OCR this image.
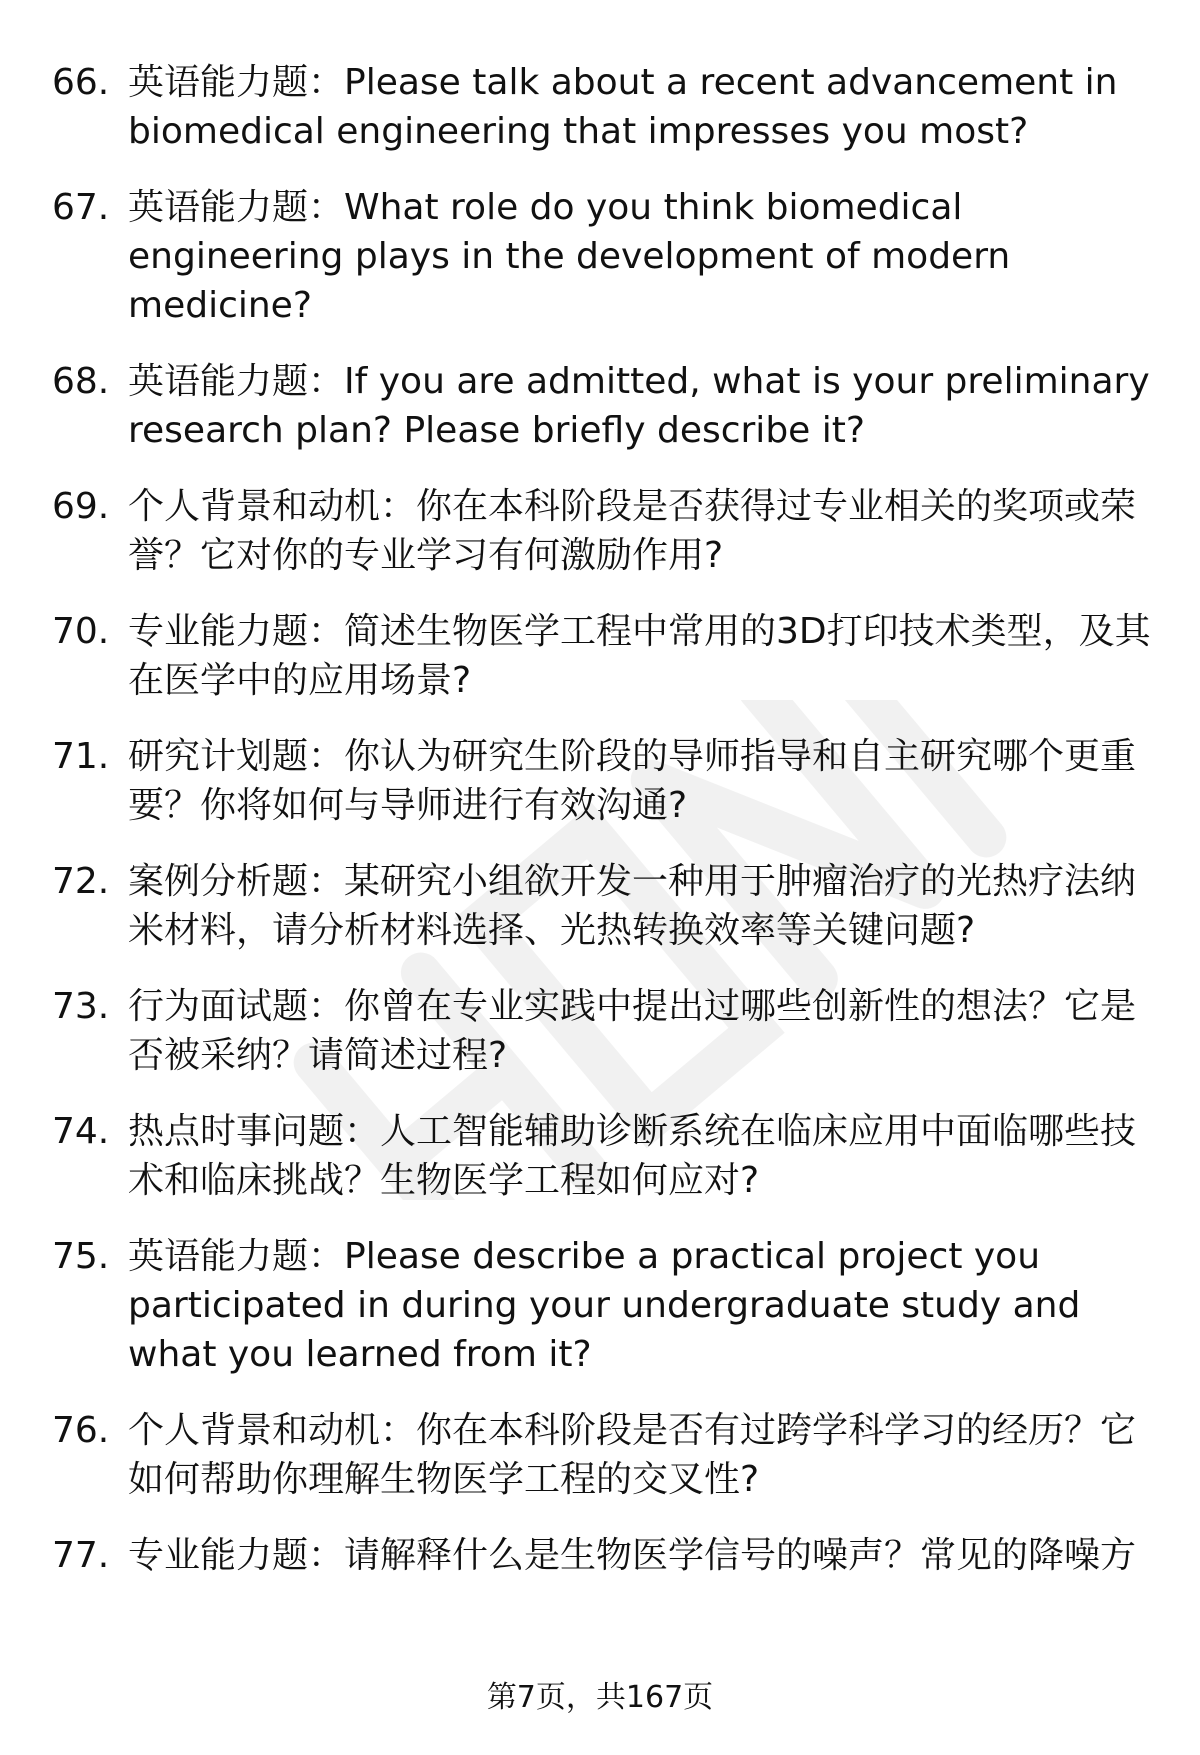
66. 英语能力题：Please talk about a recent advancement in biomedical engineering that impresses you most?
67. 英语能力题：What role do you think biomedical engineering plays in the development of modern medicine?
68. 英语能力题：If you are admitted, what is your preliminary research plan? Please briefly describe it?
69. 个人背景和动机：你在本科阶段是否获得过专业相关的奖项或荣誉？它对你的专业学习有何激励作用?
70. 专业能力题：简述生物医学工程中常用的3D打印技术类型，及其在医学中的应用场景?
71. 研究计划题：你认为研究生阶段的导师指导和自主研究哪个更重要？你将如何与导师进行有效沟通?
72. 案例分析题：某研究小组欲开发一种用于肿瘤治疗的光热疗法纳米材料，请分析材料选择、光热转换效率等关键问题?
73. 行为面试题：你曾在专业实践中提出过哪些创新性的想法？它是否被采纳？请简述过程?
74. 热点时事问题：人工智能辅助诊断系统在临床应用中面临哪些技术和临床挑战？生物医学工程如何应对?
75. 英语能力题：Please describe a practical project you participated in during your undergraduate study and what you learned from it?
76. 个人背景和动机：你在本科阶段是否有过跨学科学习的经历？它如何帮助你理解生物医学工程的交叉性?
77. 专业能力题：请解释什么是生物医学信号的噪声？常见的降噪方
第7页，共167页
